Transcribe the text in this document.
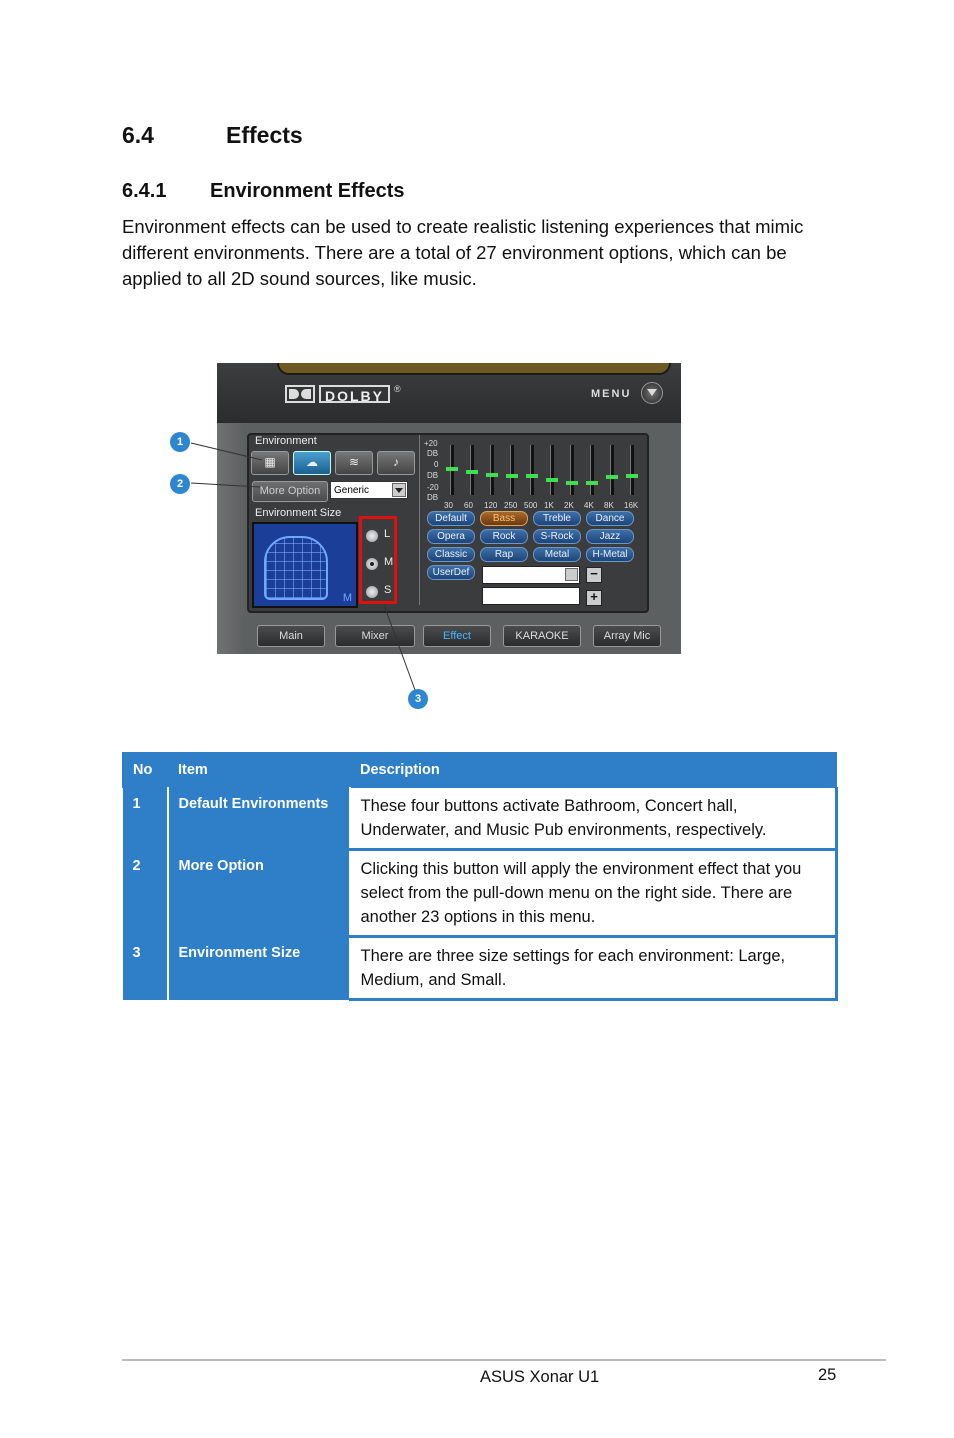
6.4	Effects
6.4.1 Environment Effects
Environment effects can be used to create realistic listening experiences that mimic different environments. There are a total of 27 environment options, which can be applied to all 2D sound sources, like music.
DOLBY	®	MENU
Environment
▦	☁	≋	♪
More Option	Generic
Environment Size
M
L
M
S
+20
DB
0
DB
-20
DB
30 60 120 250 500 1K 2K 4K 8K 16K
Default	Bass	Treble	Dance
Opera	Rock	S-Rock	Jazz
Classic	Rap	Metal	H-Metal
UserDef	−
+
Main	Mixer	Effect	KARAOKE	Array Mic
1
2
3
No	Item	Description
1	Default Environments	These four buttons activate Bathroom, Concert hall, Underwater, and Music Pub environments, respectively.
2	More Option	Clicking this button will apply the environment effect that you select from the pull-down menu on the right side. There are another 23 options in this menu.
3	Environment Size	There are three size settings for each environment: Large, Medium, and Small.
ASUS Xonar U1	25
